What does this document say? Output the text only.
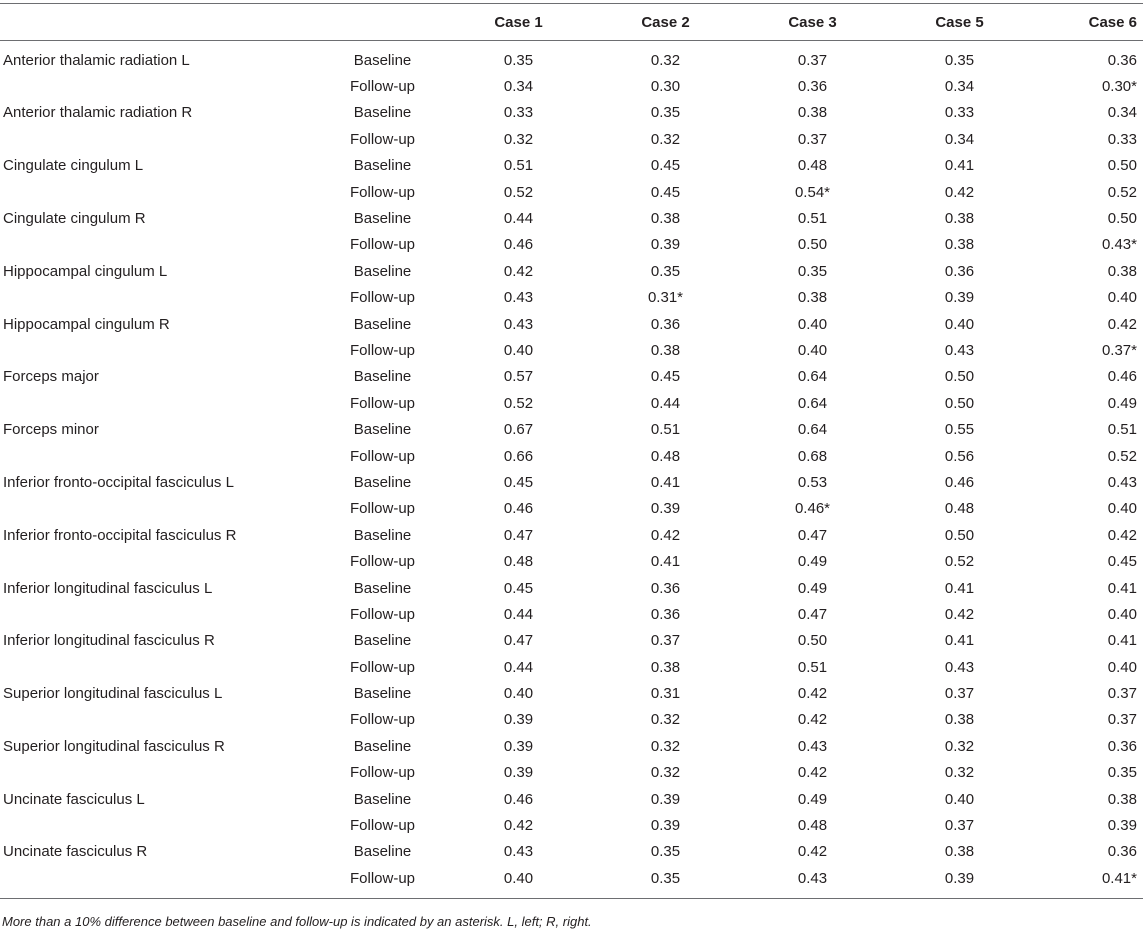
		Case 1	Case 2	Case 3	Case 5	Case 6
Anterior thalamic radiation L	Baseline	0.35	0.32	0.37	0.35	0.36
	Follow-up	0.34	0.30	0.36	0.34	0.30*
Anterior thalamic radiation R	Baseline	0.33	0.35	0.38	0.33	0.34
	Follow-up	0.32	0.32	0.37	0.34	0.33
Cingulate cingulum L	Baseline	0.51	0.45	0.48	0.41	0.50
	Follow-up	0.52	0.45	0.54*	0.42	0.52
Cingulate cingulum R	Baseline	0.44	0.38	0.51	0.38	0.50
	Follow-up	0.46	0.39	0.50	0.38	0.43*
Hippocampal cingulum L	Baseline	0.42	0.35	0.35	0.36	0.38
	Follow-up	0.43	0.31*	0.38	0.39	0.40
Hippocampal cingulum R	Baseline	0.43	0.36	0.40	0.40	0.42
	Follow-up	0.40	0.38	0.40	0.43	0.37*
Forceps major	Baseline	0.57	0.45	0.64	0.50	0.46
	Follow-up	0.52	0.44	0.64	0.50	0.49
Forceps minor	Baseline	0.67	0.51	0.64	0.55	0.51
	Follow-up	0.66	0.48	0.68	0.56	0.52
Inferior fronto-occipital fasciculus L	Baseline	0.45	0.41	0.53	0.46	0.43
	Follow-up	0.46	0.39	0.46*	0.48	0.40
Inferior fronto-occipital fasciculus R	Baseline	0.47	0.42	0.47	0.50	0.42
	Follow-up	0.48	0.41	0.49	0.52	0.45
Inferior longitudinal fasciculus L	Baseline	0.45	0.36	0.49	0.41	0.41
	Follow-up	0.44	0.36	0.47	0.42	0.40
Inferior longitudinal fasciculus R	Baseline	0.47	0.37	0.50	0.41	0.41
	Follow-up	0.44	0.38	0.51	0.43	0.40
Superior longitudinal fasciculus L	Baseline	0.40	0.31	0.42	0.37	0.37
	Follow-up	0.39	0.32	0.42	0.38	0.37
Superior longitudinal fasciculus R	Baseline	0.39	0.32	0.43	0.32	0.36
	Follow-up	0.39	0.32	0.42	0.32	0.35
Uncinate fasciculus L	Baseline	0.46	0.39	0.49	0.40	0.38
	Follow-up	0.42	0.39	0.48	0.37	0.39
Uncinate fasciculus R	Baseline	0.43	0.35	0.42	0.38	0.36
	Follow-up	0.40	0.35	0.43	0.39	0.41*
More than a 10% difference between baseline and follow-up is indicated by an asterisk. L, left; R, right.
